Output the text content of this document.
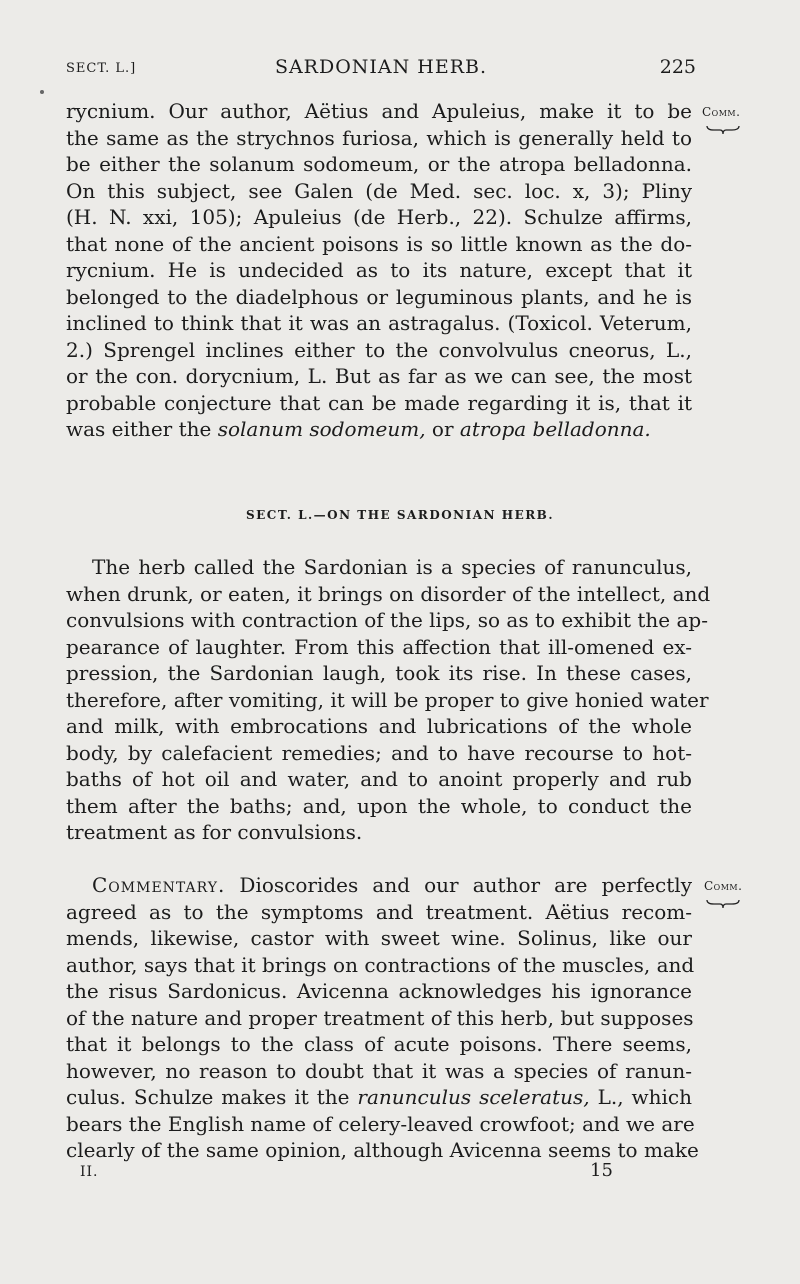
SECT. L.]	SARDONIAN HERB.	225
Comm.
rycnium. Our author, Aëtius and Apuleius, make it to be
the same as the strychnos furiosa, which is generally held to
be either the solanum sodomeum, or the atropa belladonna.
On this subject, see Galen (de Med. sec. loc. x, 3); Pliny
(H. N. xxi, 105); Apuleius (de Herb., 22). Schulze affirms,
that none of the ancient poisons is so little known as the do-
rycnium. He is undecided as to its nature, except that it
belonged to the diadelphous or leguminous plants, and he is
inclined to think that it was an astragalus. (Toxicol. Veterum,
2.) Sprengel inclines either to the convolvulus cneorus, L.,
or the con. dorycnium, L. But as far as we can see, the most
probable conjecture that can be made regarding it is, that it
was either the solanum sodomeum, or atropa belladonna.
SECT. L.—ON THE SARDONIAN HERB.
The herb called the Sardonian is a species of ranunculus,
when drunk, or eaten, it brings on disorder of the intellect, and
convulsions with contraction of the lips, so as to exhibit the ap-
pearance of laughter. From this affection that ill-omened ex-
pression, the Sardonian laugh, took its rise. In these cases,
therefore, after vomiting, it will be proper to give honied water
and milk, with embrocations and lubrications of the whole
body, by calefacient remedies; and to have recourse to hot-
baths of hot oil and water, and to anoint properly and rub
them after the baths; and, upon the whole, to conduct the
treatment as for convulsions.
Comm.
Commentary. Dioscorides and our author are perfectly
agreed as to the symptoms and treatment. Aëtius recom-
mends, likewise, castor with sweet wine. Solinus, like our
author, says that it brings on contractions of the muscles, and
the risus Sardonicus. Avicenna acknowledges his ignorance
of the nature and proper treatment of this herb, but supposes
that it belongs to the class of acute poisons. There seems,
however, no reason to doubt that it was a species of ranun-
culus. Schulze makes it the ranunculus sceleratus, L., which
bears the English name of celery-leaved crowfoot; and we are
clearly of the same opinion, although Avicenna seems to make
II.	15
